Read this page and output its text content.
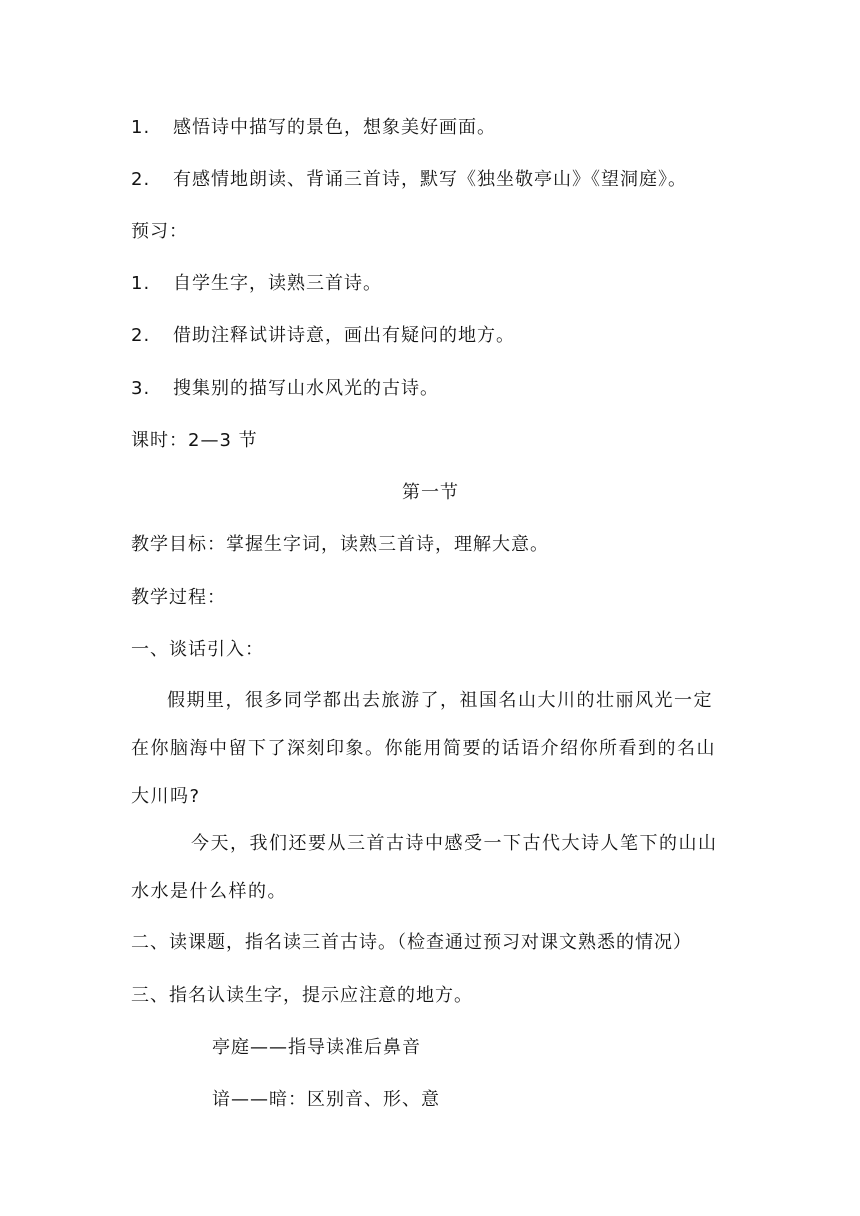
1. 感悟诗中描写的景色，想象美好画面。
2. 有感情地朗读、背诵三首诗，默写《独坐敬亭山》《望洞庭》。
预习：
1. 自学生字，读熟三首诗。
2. 借助注释试讲诗意，画出有疑问的地方。
3. 搜集别的描写山水风光的古诗。
课时：2—3 节
第一节
教学目标：掌握生字词，读熟三首诗，理解大意。
教学过程：
一、谈话引入：
假期里，很多同学都出去旅游了，祖国名山大川的壮丽风光一定在你脑海中留下了深刻印象。你能用简要的话语介绍你所看到的名山大川吗?
今天，我们还要从三首古诗中感受一下古代大诗人笔下的山山水水是什么样的。
二、读课题，指名读三首古诗。（检查通过预习对课文熟悉的情况）
三、指名认读生字，提示应注意的地方。
亭庭——指导读准后鼻音
谙——暗：区别音、形、意
